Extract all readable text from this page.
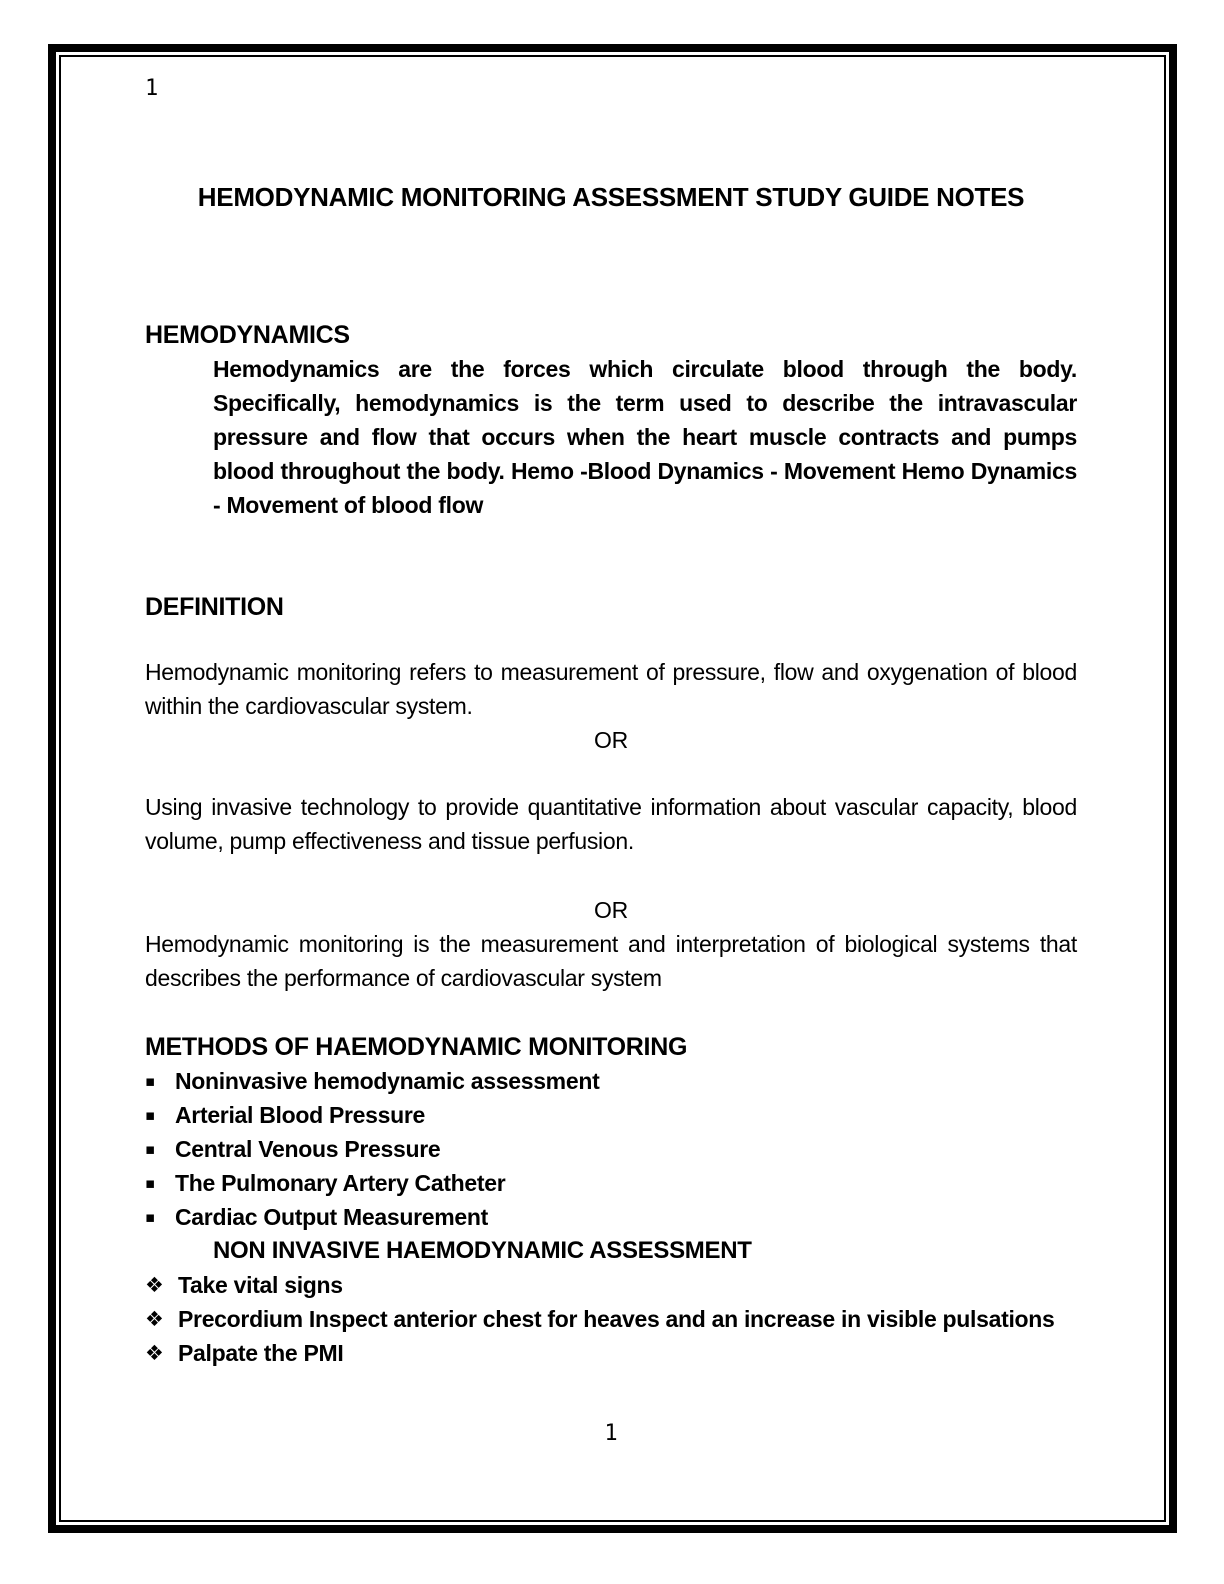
1
HEMODYNAMIC MONITORING ASSESSMENT STUDY GUIDE NOTES
HEMODYNAMICS
Hemodynamics are the forces which circulate blood through the body. Specifically, hemodynamics is the term used to describe the intravascular pressure and flow that occurs when the heart muscle contracts and pumps blood throughout the body. Hemo -Blood Dynamics - Movement Hemo Dynamics - Movement of blood flow
DEFINITION
Hemodynamic monitoring refers to measurement of pressure, flow and oxygenation of blood within the cardiovascular system.
OR
Using invasive technology to provide quantitative information about vascular capacity, blood volume, pump effectiveness and tissue perfusion.
OR
Hemodynamic monitoring is the measurement and interpretation of biological systems that describes the performance of cardiovascular system
METHODS OF HAEMODYNAMIC MONITORING
▪ Noninvasive hemodynamic assessment
▪ Arterial Blood Pressure
▪ Central Venous Pressure
▪ The Pulmonary Artery Catheter
▪ Cardiac Output Measurement
NON INVASIVE HAEMODYNAMIC ASSESSMENT
❖ Take vital signs
❖ Precordium Inspect anterior chest for heaves and an increase in visible pulsations
❖ Palpate the PMI
1
